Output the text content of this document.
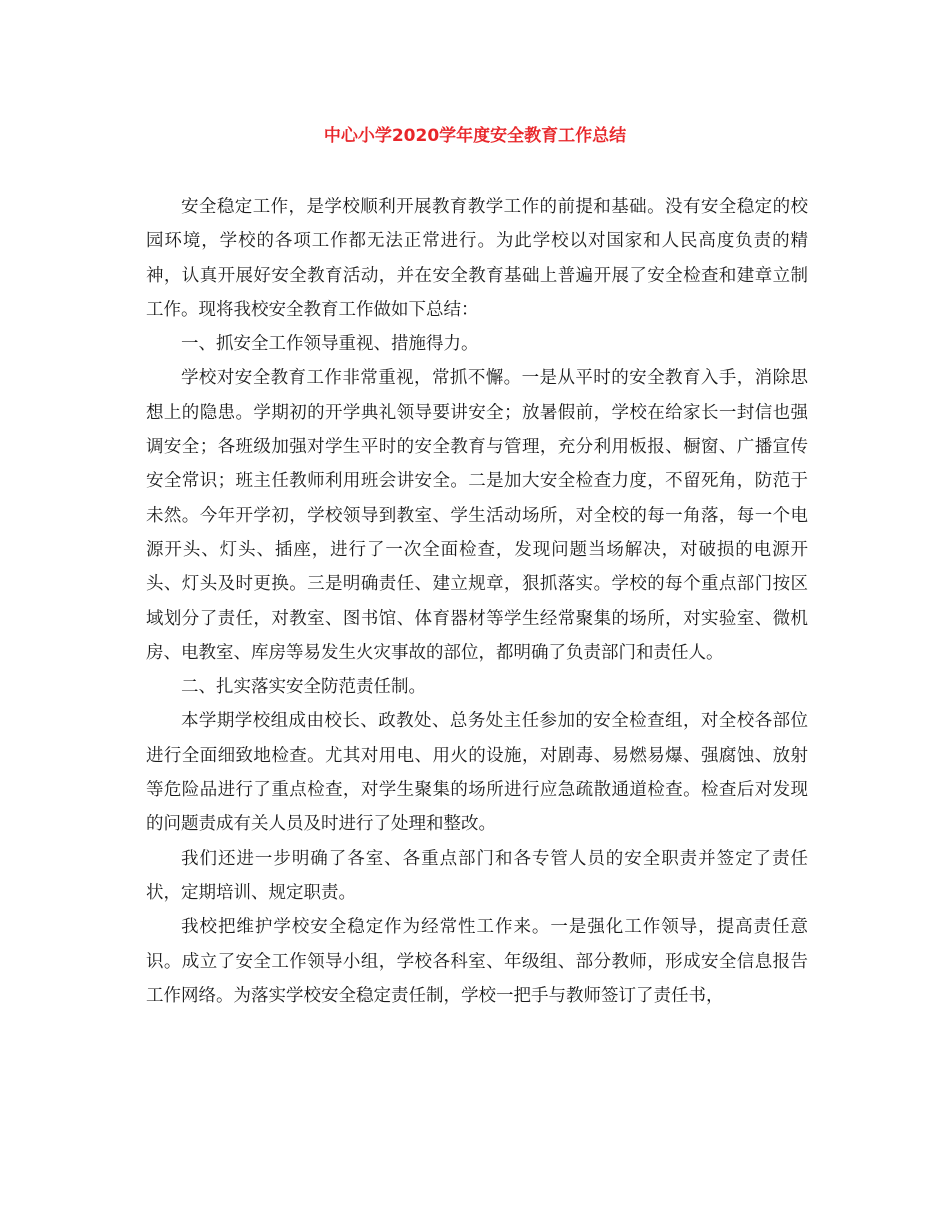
中心小学2020学年度安全教育工作总结

安全稳定工作，是学校顺利开展教育教学工作的前提和基础。没有安全稳定的校园环境，学校的各项工作都无法正常进行。为此学校以对国家和人民高度负责的精神，认真开展好安全教育活动，并在安全教育基础上普遍开展了安全检查和建章立制工作。现将我校安全教育工作做如下总结：

一、抓安全工作领导重视、措施得力。

学校对安全教育工作非常重视，常抓不懈。一是从平时的安全教育入手，消除思想上的隐患。学期初的开学典礼领导要讲安全；放暑假前，学校在给家长一封信也强调安全；各班级加强对学生平时的安全教育与管理，充分利用板报、橱窗、广播宣传安全常识；班主任教师利用班会讲安全。二是加大安全检查力度，不留死角，防范于未然。今年开学初，学校领导到教室、学生活动场所，对全校的每一角落，每一个电源开头、灯头、插座，进行了一次全面检查，发现问题当场解决，对破损的电源开头、灯头及时更换。三是明确责任、建立规章，狠抓落实。学校的每个重点部门按区域划分了责任，对教室、图书馆、体育器材等学生经常聚集的场所，对实验室、微机房、电教室、库房等易发生火灾事故的部位，都明确了负责部门和责任人。

二、扎实落实安全防范责任制。

本学期学校组成由校长、政教处、总务处主任参加的安全检查组，对全校各部位进行全面细致地检查。尤其对用电、用火的设施，对剧毒、易燃易爆、强腐蚀、放射等危险品进行了重点检查，对学生聚集的场所进行应急疏散通道检查。检查后对发现的问题责成有关人员及时进行了处理和整改。

我们还进一步明确了各室、各重点部门和各专管人员的安全职责并签定了责任状，定期培训、规定职责。

我校把维护学校安全稳定作为经常性工作来。一是强化工作领导，提高责任意识。成立了安全工作领导小组，学校各科室、年级组、部分教师，形成安全信息报告工作网络。为落实学校安全稳定责任制，学校一把手与教师签订了责任书，
